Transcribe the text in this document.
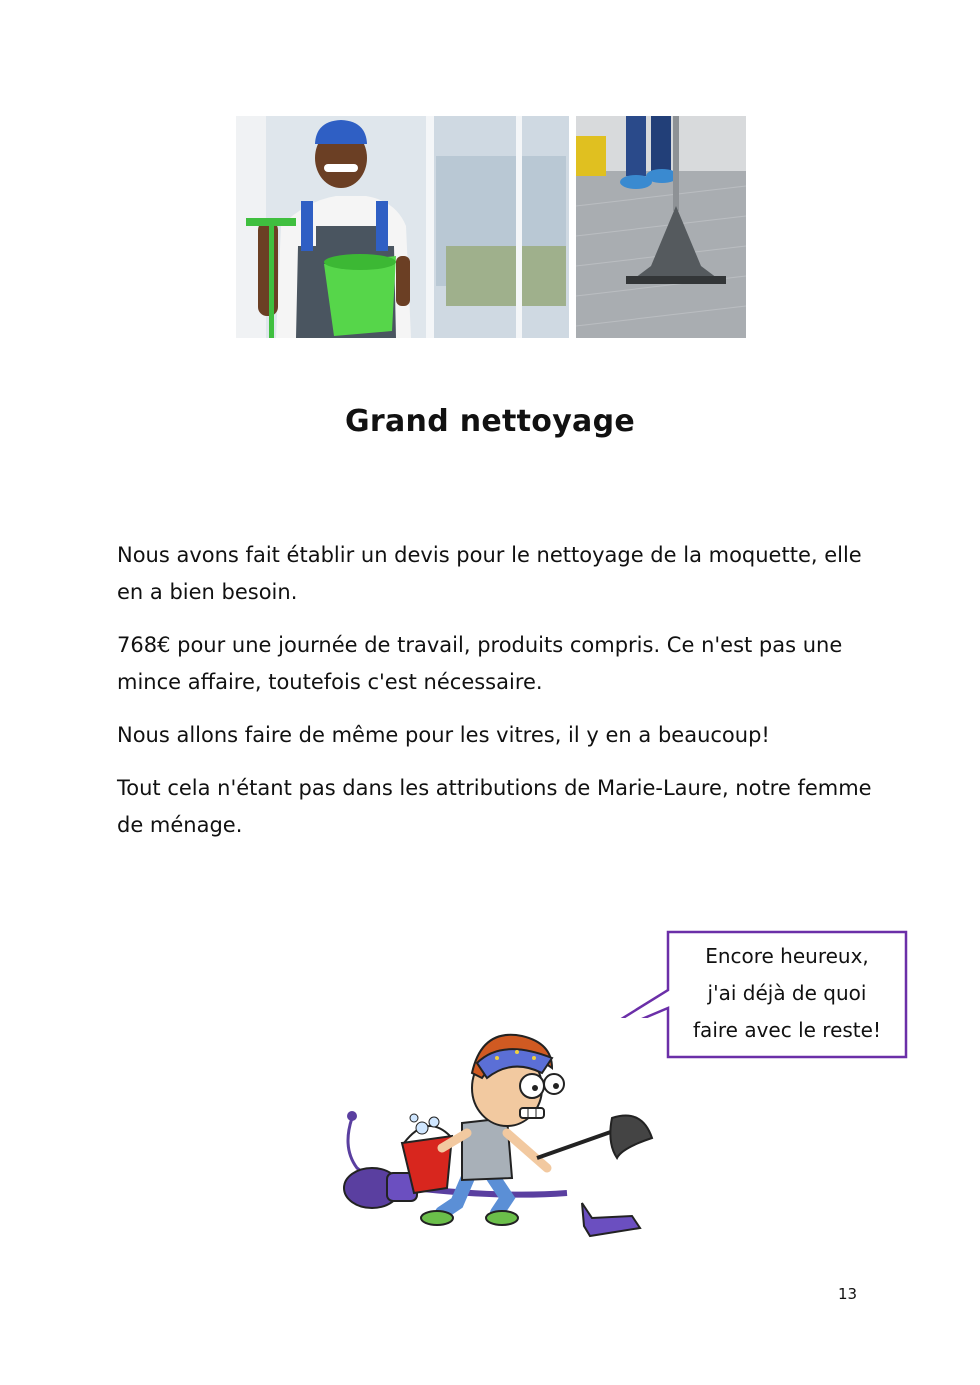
Grand nettoyage

Nous avons fait établir un devis pour le nettoyage de la moquette, elle en a bien besoin.

768€ pour une journée de travail, produits compris. Ce n'est pas une mince affaire, toutefois c'est nécessaire.

Nous allons faire de même pour les vitres, il y en a beaucoup!

Tout cela n'étant pas dans les attributions de Marie-Laure, notre femme de ménage.

Encore heureux,
j'ai déjà de quoi
faire avec le reste!
13
